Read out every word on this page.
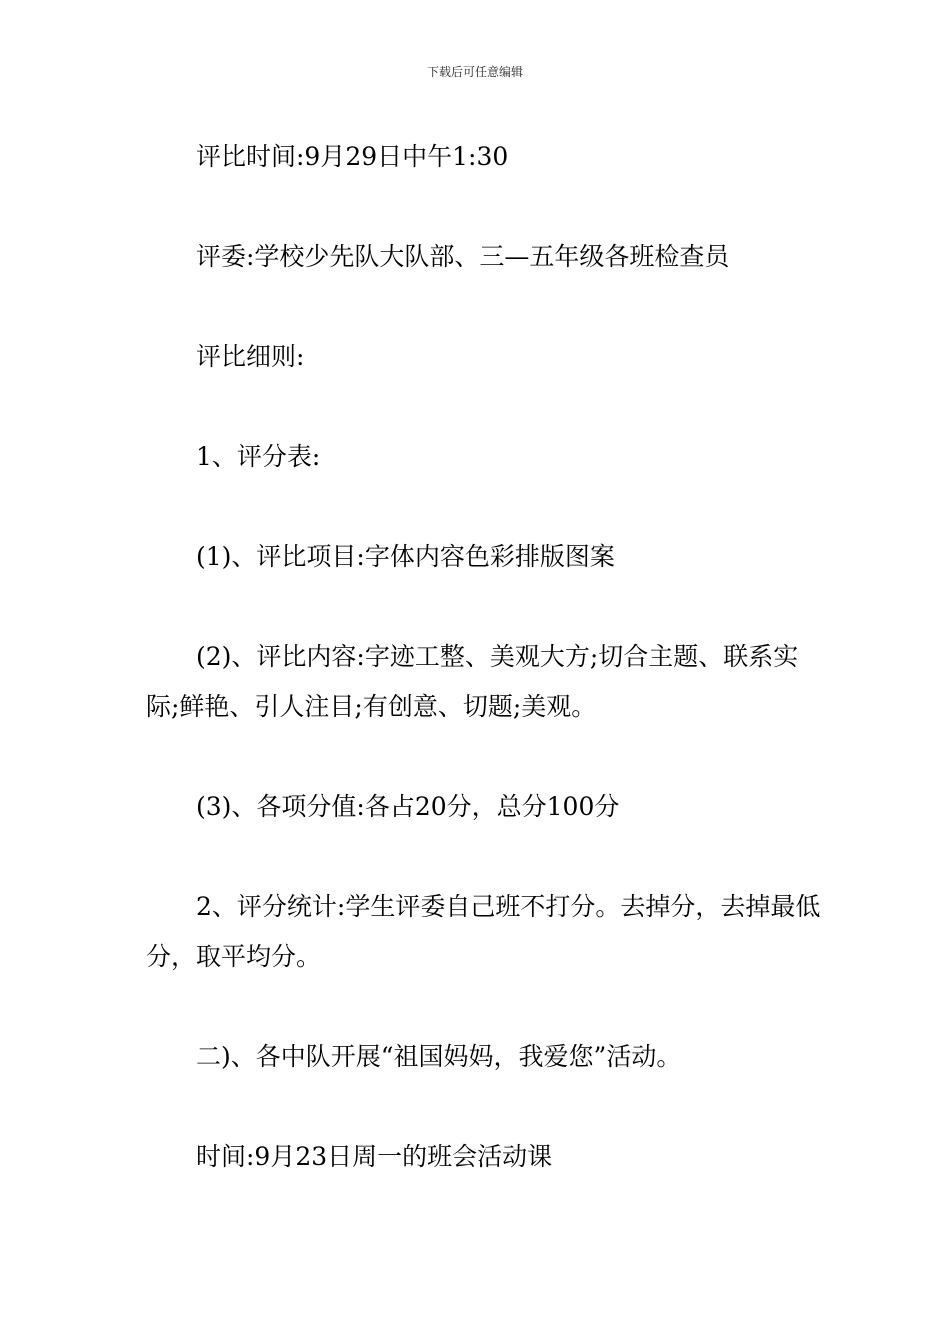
下载后可任意编辑

评比时间:9月29日中午1:30

评委:学校少先队大队部、三—五年级各班检查员

评比细则:

1、评分表:

(1)、评比项目:字体内容色彩排版图案

(2)、评比内容:字迹工整、美观大方;切合主题、联系实际;鲜艳、引人注目;有创意、切题;美观。

(3)、各项分值:各占20分，总分100分

2、评分统计:学生评委自己班不打分。去掉分，去掉最低分，取平均分。

二)、各中队开展“祖国妈妈，我爱您”活动。

时间:9月23日周一的班会活动课
